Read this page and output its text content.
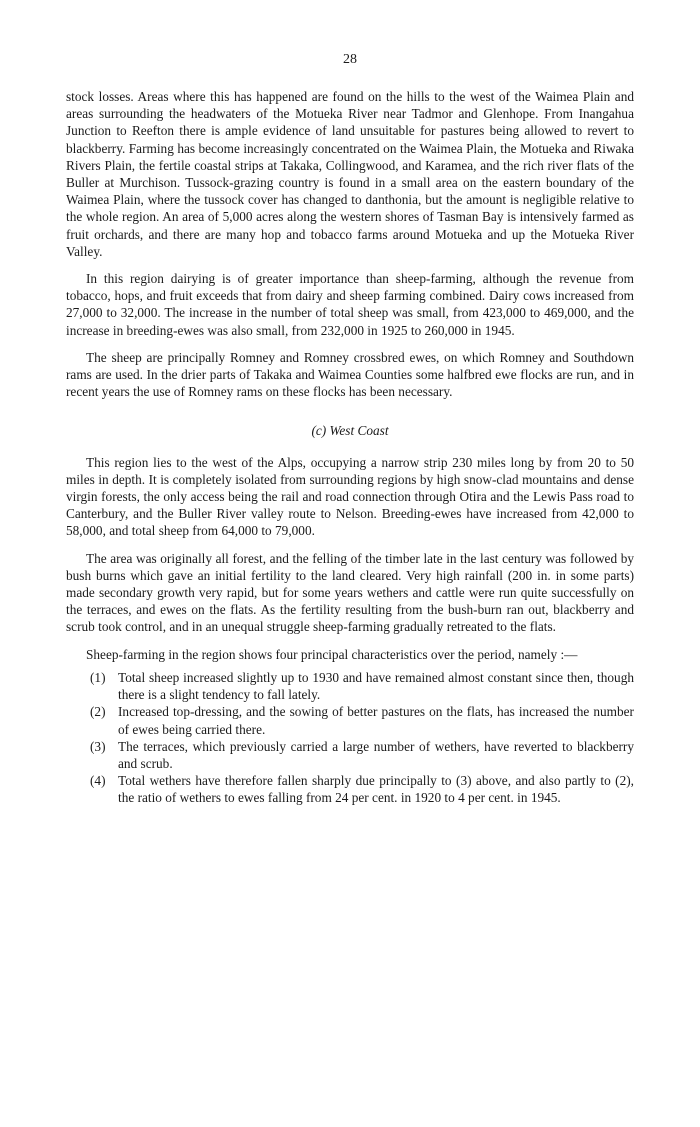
28

stock losses. Areas where this has happened are found on the hills to the west of the Waimea Plain and areas surrounding the headwaters of the Motueka River near Tadmor and Glenhope. From Inangahua Junction to Reefton there is ample evidence of land unsuitable for pastures being allowed to revert to blackberry. Farming has become increasingly concentrated on the Waimea Plain, the Motueka and Riwaka Rivers Plain, the fertile coastal strips at Takaka, Collingwood, and Karamea, and the rich river flats of the Buller at Murchison. Tussock-grazing country is found in a small area on the eastern boundary of the Waimea Plain, where the tussock cover has changed to danthonia, but the amount is negligible relative to the whole region. An area of 5,000 acres along the western shores of Tasman Bay is intensively farmed as fruit orchards, and there are many hop and tobacco farms around Motueka and up the Motueka River Valley.

In this region dairying is of greater importance than sheep-farming, although the revenue from tobacco, hops, and fruit exceeds that from dairy and sheep farming combined. Dairy cows increased from 27,000 to 32,000. The increase in the number of total sheep was small, from 423,000 to 469,000, and the increase in breeding-ewes was also small, from 232,000 in 1925 to 260,000 in 1945.

The sheep are principally Romney and Romney crossbred ewes, on which Romney and Southdown rams are used. In the drier parts of Takaka and Waimea Counties some halfbred ewe flocks are run, and in recent years the use of Romney rams on these flocks has been necessary.

(c) West Coast

This region lies to the west of the Alps, occupying a narrow strip 230 miles long by from 20 to 50 miles in depth. It is completely isolated from surrounding regions by high snow-clad mountains and dense virgin forests, the only access being the rail and road connection through Otira and the Lewis Pass road to Canterbury, and the Buller River valley route to Nelson. Breeding-ewes have increased from 42,000 to 58,000, and total sheep from 64,000 to 79,000.

The area was originally all forest, and the felling of the timber late in the last century was followed by bush burns which gave an initial fertility to the land cleared. Very high rainfall (200 in. in some parts) made secondary growth very rapid, but for some years wethers and cattle were run quite successfully on the terraces, and ewes on the flats. As the fertility resulting from the bush-burn ran out, blackberry and scrub took control, and in an unequal struggle sheep-farming gradually retreated to the flats.

Sheep-farming in the region shows four principal characteristics over the period, namely :—

(1) Total sheep increased slightly up to 1930 and have remained almost constant since then, though there is a slight tendency to fall lately.
(2) Increased top-dressing, and the sowing of better pastures on the flats, has increased the number of ewes being carried there.
(3) The terraces, which previously carried a large number of wethers, have reverted to blackberry and scrub.
(4) Total wethers have therefore fallen sharply due principally to (3) above, and also partly to (2), the ratio of wethers to ewes falling from 24 per cent. in 1920 to 4 per cent. in 1945.
